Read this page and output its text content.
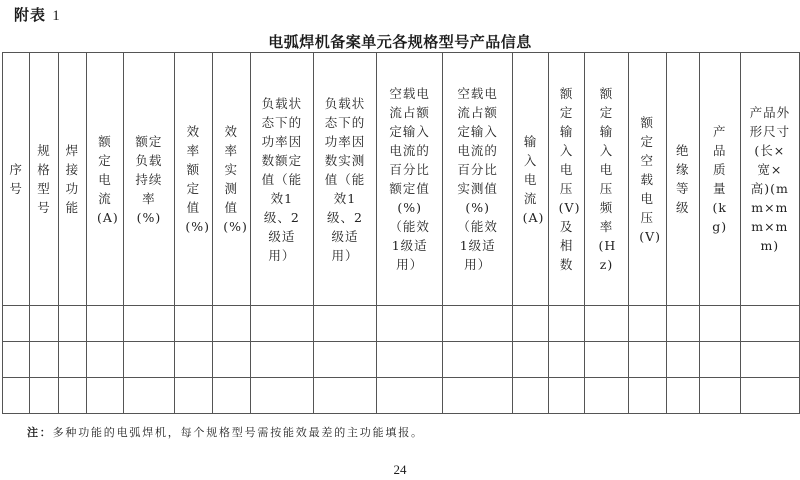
附表 1
电弧焊机备案单元各规格型号产品信息
序号	规格型号	焊接功能	额定电流(A)	额定负载持续率(%)	效率额定值(%)	效率实测值(%)	负载状态下的功率因数额定值（能效1级、2级适用）	负载状态下的功率因数实测值（能效1级、2级适用）	空载电流占额定输入电流的百分比额定值(%)（能效1级适用）	空载电流占额定输入电流的百分比实测值(%)（能效1级适用）	输入电流(A)	额定输入电压(V)及相数	额定输入电压频率(Hz)	额定空载电压(V)	绝缘等级	产品质量(kg)	产品外形尺寸(长×宽×高)(mm×mm×mm)

注：多种功能的电弧焊机，每个规格型号需按能效最差的主功能填报。
24
